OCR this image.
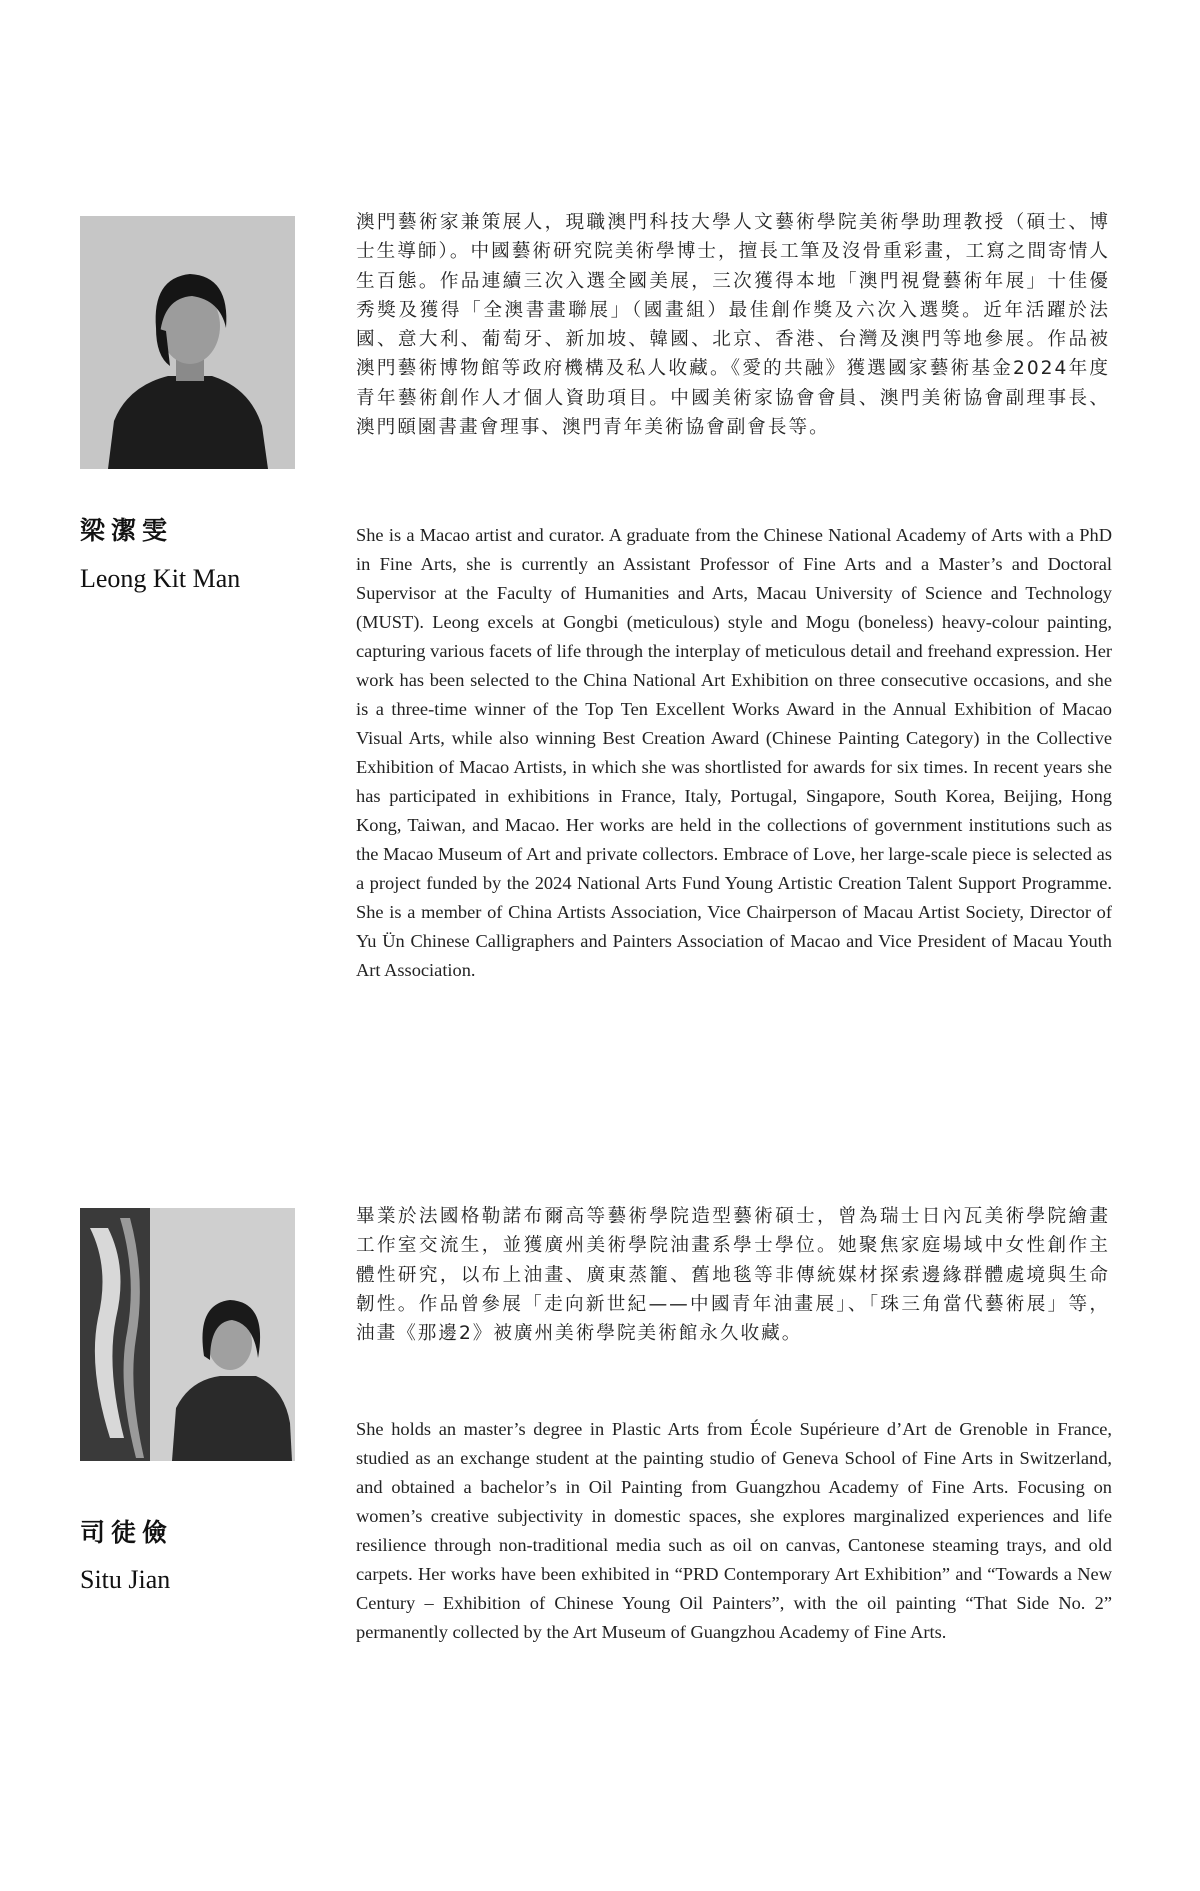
梁潔雯
Leong Kit Man
澳門藝術家兼策展人，現職澳門科技大學人文藝術學院美術學助理教授（碩士、博士生導師）。中國藝術研究院美術學博士，擅長工筆及沒骨重彩畫，工寫之間寄情人生百態。作品連續三次入選全國美展，三次獲得本地「澳門視覺藝術年展」十佳優秀獎及獲得「全澳書畫聯展」（國畫組）最佳創作獎及六次入選獎。近年活躍於法國、意大利、葡萄牙、新加坡、韓國、北京、香港、台灣及澳門等地參展。作品被澳門藝術博物館等政府機構及私人收藏。《愛的共融》獲選國家藝術基金2024年度青年藝術創作人才個人資助項目。中國美術家協會會員、澳門美術協會副理事長、澳門頤園書畫會理事、澳門青年美術協會副會長等。
She is a Macao artist and curator. A graduate from the Chinese National Academy of Arts with a PhD in Fine Arts, she is currently an Assistant Professor of Fine Arts and a Master’s and Doctoral Supervisor at the Faculty of Humanities and Arts, Macau University of Science and Technology (MUST). Leong excels at Gongbi (meticulous) style and Mogu (boneless) heavy-colour painting, capturing various facets of life through the interplay of meticulous detail and freehand expression. Her work has been selected to the China National Art Exhibition on three consecutive occasions, and she is a three-time winner of the Top Ten Excellent Works Award in the Annual Exhibition of Macao Visual Arts, while also winning Best Creation Award (Chinese Painting Category) in the Collective Exhibition of Macao Artists, in which she was shortlisted for awards for six times. In recent years she has participated in exhibitions in France, Italy, Portugal, Singapore, South Korea, Beijing, Hong Kong, Taiwan, and Macao. Her works are held in the collections of government institutions such as the Macao Museum of Art and private collectors. Embrace of Love, her large-scale piece is selected as a project funded by the 2024 National Arts Fund Young Artistic Creation Talent Support Programme. She is a member of China Artists Association, Vice Chairperson of Macau Artist Society, Director of Yu Ün Chinese Calligraphers and Painters Association of Macao and Vice President of Macau Youth Art Association.
司徒儉
Situ Jian
畢業於法國格勒諾布爾高等藝術學院造型藝術碩士，曾為瑞士日內瓦美術學院繪畫工作室交流生，並獲廣州美術學院油畫系學士學位。她聚焦家庭場域中女性創作主體性研究，以布上油畫、廣東蒸籠、舊地毯等非傳統媒材探索邊緣群體處境與生命韌性。作品曾參展「走向新世紀——中國青年油畫展」、「珠三角當代藝術展」等，油畫《那邊2》被廣州美術學院美術館永久收藏。
She holds an master’s degree in Plastic Arts from École Supérieure d’Art de Grenoble in France, studied as an exchange student at the painting studio of Geneva School of Fine Arts in Switzerland, and obtained a bachelor’s in Oil Painting from Guangzhou Academy of Fine Arts. Focusing on women’s creative subjectivity in domestic spaces, she explores marginalized experiences and life resilience through non-traditional media such as oil on canvas, Cantonese steaming trays, and old carpets. Her works have been exhibited in “PRD Contemporary Art Exhibition” and “Towards a New Century – Exhibition of Chinese Young Oil Painters”, with the oil painting “That Side No. 2” permanently collected by the Art Museum of Guangzhou Academy of Fine Arts.
